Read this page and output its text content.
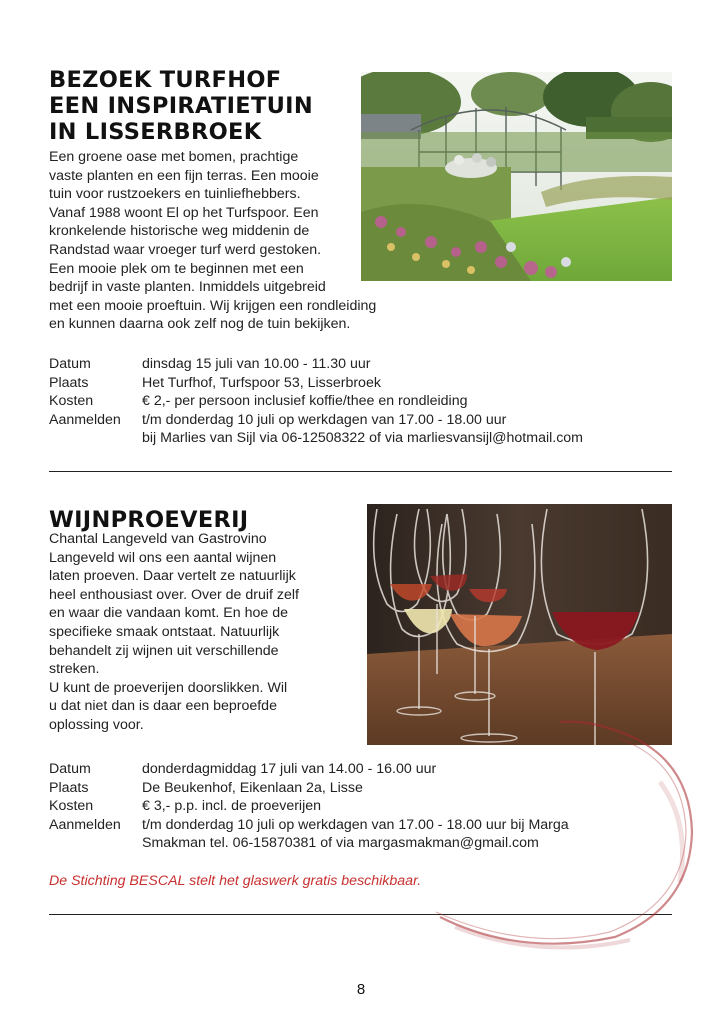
BEZOEK TURFHOF
EEN INSPIRATIETUIN
IN LISSERBROEK
Een groene oase met bomen, prachtige
vaste planten en een fijn terras. Een mooie
tuin voor rustzoekers en tuinliefhebbers.
Vanaf 1988 woont El op het Turfspoor. Een
kronkelende historische weg middenin de
Randstad waar vroeger turf werd gestoken.
Een mooie plek om te beginnen met een
bedrijf in vaste planten. Inmiddels uitgebreid
met een mooie proeftuin. Wij krijgen een rondleiding
en kunnen daarna ook zelf nog de tuin bekijken.
Datum	dinsdag 15 juli van 10.00 - 11.30 uur
Plaats	Het Turfhof, Turfspoor 53, Lisserbroek
Kosten	€ 2,- per persoon inclusief koffie/thee en rondleiding
Aanmelden t/m donderdag 10 juli op werkdagen van 17.00 - 18.00 uur
bij Marlies van Sijl via 06-12508322 of via marliesvansijl@hotmail.com
WIJNPROEVERIJ
Chantal Langeveld van Gastrovino
Langeveld wil ons een aantal wijnen
laten proeven. Daar vertelt ze natuurlijk
heel enthousiast over. Over de druif zelf
en waar die vandaan komt. En hoe de
specifieke smaak ontstaat. Natuurlijk
behandelt zij wijnen uit verschillende
streken.
U kunt de proeverijen doorslikken. Wil
u dat niet dan is daar een beproefde
oplossing voor.
Datum	donderdagmiddag 17 juli van 14.00 - 16.00 uur
Plaats	De Beukenhof, Eikenlaan 2a, Lisse
Kosten	€ 3,- p.p. incl. de proeverijen
Aanmelden t/m donderdag 10 juli op werkdagen van 17.00 - 18.00 uur bij Marga
Smakman tel. 06-15870381 of via margasmakman@gmail.com
De Stichting BESCAL stelt het glaswerk gratis beschikbaar.
8
